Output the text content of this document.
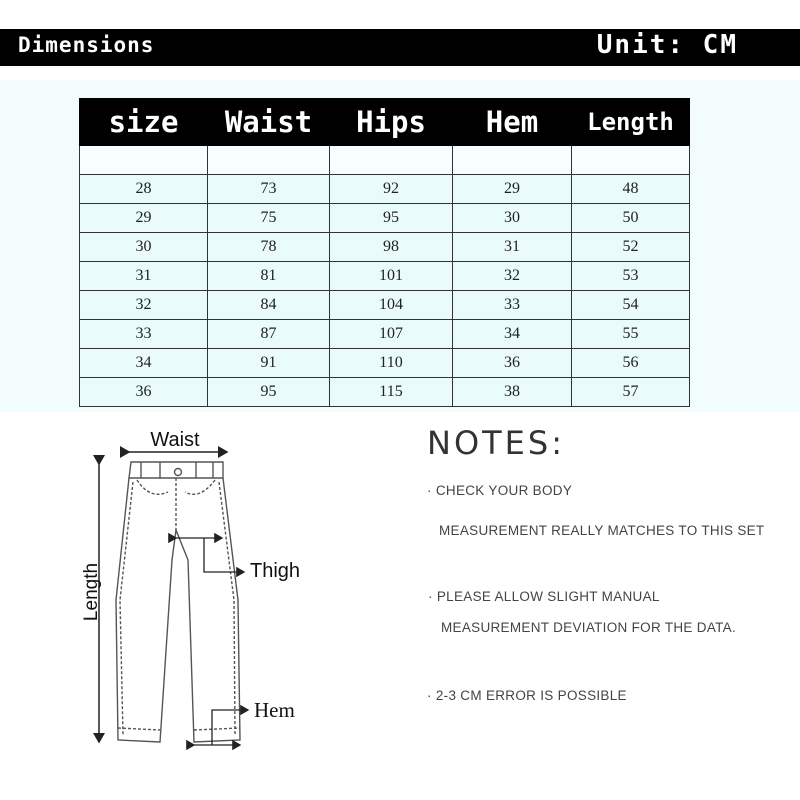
Dimensions	Unit: CM
size	Waist	Hips	Hem	Length

28	73	92	29	48
29	75	95	30	50
30	78	98	31	52
31	81	101	32	53
32	84	104	33	54
33	87	107	34	55
34	91	110	36	56
36	95	115	38	57
Waist
Length	Thigh
Hem
NOTES:
· CHECK YOUR BODY
MEASUREMENT REALLY MATCHES TO THIS SET
· PLEASE ALLOW SLIGHT MANUAL
MEASUREMENT DEVIATION FOR THE DATA.
· 2-3 CM ERROR IS POSSIBLE
